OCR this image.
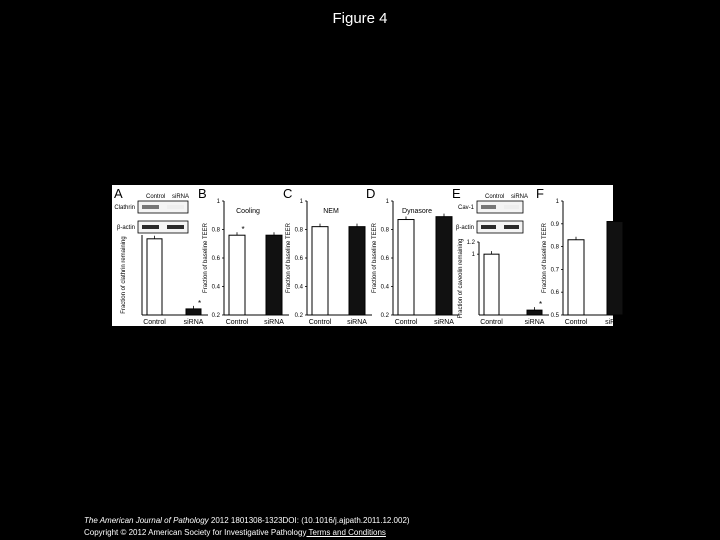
Figure 4
A	Control siRNA
Clathrin
β-actin
Fraction of clathrin remaining
Control	siRNA
*
B
Cooling
0.2
0.4
0.6
0.8
1
Fraction of baseline TEER
Control
*
siRNA
C
NEM
0.2
0.4
0.6
0.8
1
Fraction of baseline TEER
Control siRNA
D
Dynasore
0.2
0.4
0.6
0.8
1
Fraction of baseline TEER
Control siRNA
E	Control siRNA
Cav-1
β-actin
1
1.2
Fraction of caveolin remaining
Control	siRNA
*
F
0.5
0.6
0.7
0.8
0.9
1
Fraction of baseline TEER
Control	siRNA
*
The American Journal of Pathology 2012 1801308-1323DOI: (10.1016/j.ajpath.2011.12.002)
Copyright © 2012 American Society for Investigative Pathology Terms and Conditions
